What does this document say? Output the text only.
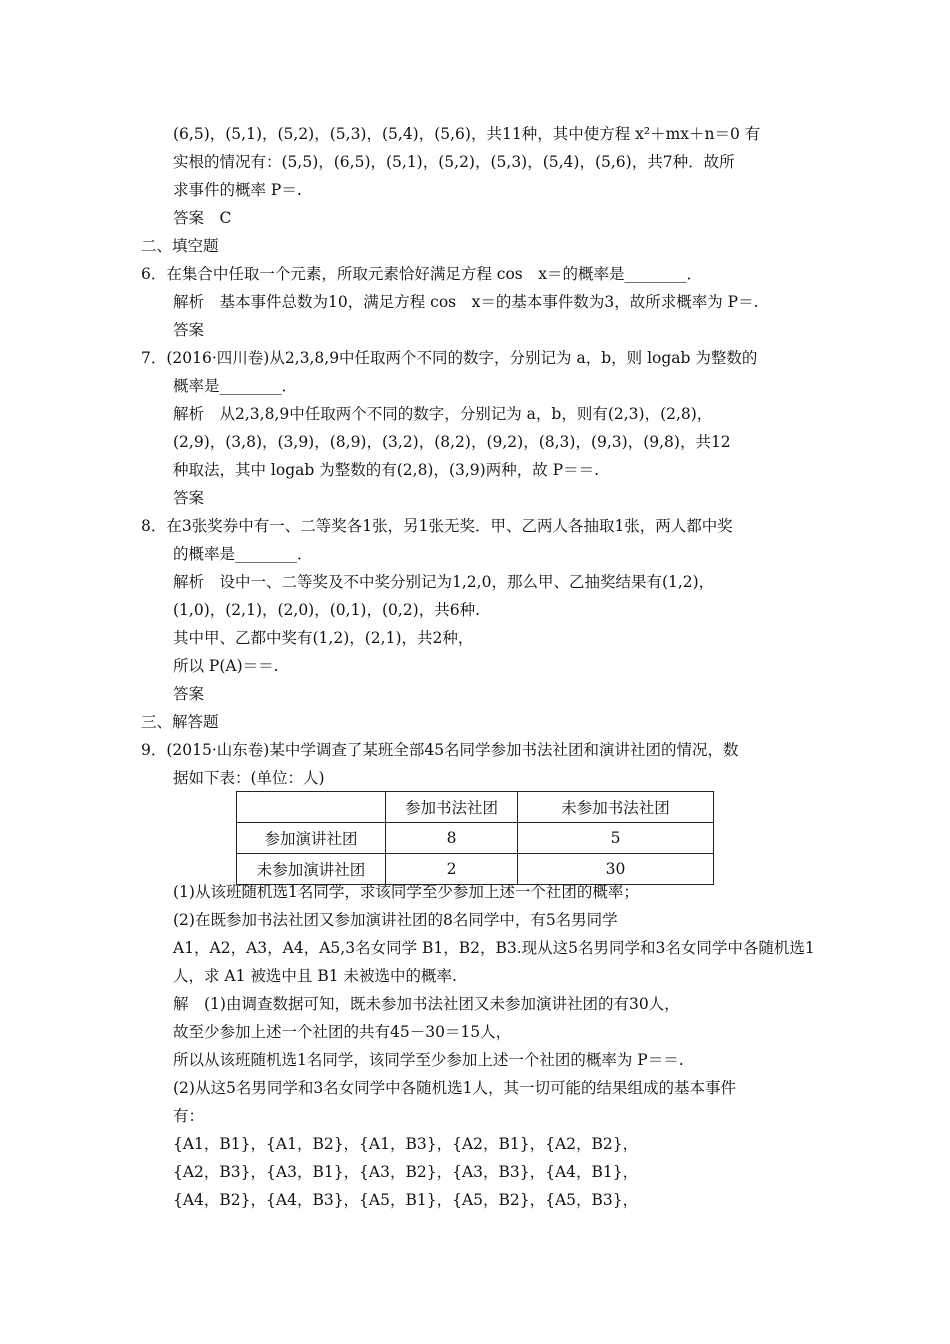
(6,5)，(5,1)，(5,2)，(5,3)，(5,4)，(5,6)，共11种，其中使方程 x²＋mx＋n＝0 有
实根的情况有：(5,5)，(6,5)，(5,1)，(5,2)，(5,3)，(5,4)，(5,6)，共7种．故所
求事件的概率 P＝.
答案　C
二、填空题
6．在集合中任取一个元素，所取元素恰好满足方程 cos　x＝的概率是________．
解析　基本事件总数为10，满足方程 cos　x＝的基本事件数为3，故所求概率为 P＝.
答案
7．(2016·四川卷)从2,3,8,9中任取两个不同的数字，分别记为 a，b，则 logab 为整数的
概率是________．
解析　从2,3,8,9中任取两个不同的数字，分别记为 a，b，则有(2,3)，(2,8)，
(2,9)，(3,8)，(3,9)，(8,9)，(3,2)，(8,2)，(9,2)，(8,3)，(9,3)，(9,8)，共12
种取法，其中 logab 为整数的有(2,8)，(3,9)两种，故 P＝＝.
答案
8．在3张奖券中有一、二等奖各1张，另1张无奖．甲、乙两人各抽取1张，两人都中奖
的概率是________．
解析　设中一、二等奖及不中奖分别记为1,2,0，那么甲、乙抽奖结果有(1,2)，
(1,0)，(2,1)，(2,0)，(0,1)，(0,2)，共6种.
其中甲、乙都中奖有(1,2)，(2,1)，共2种，
所以 P(A)＝＝.
答案
三、解答题
9．(2015·山东卷)某中学调查了某班全部45名同学参加书法社团和演讲社团的情况，数
据如下表：(单位：人)
	参加书法社团	未参加书法社团
参加演讲社团	8	5
未参加演讲社团	2	30
(1)从该班随机选1名同学，求该同学至少参加上述一个社团的概率；
(2)在既参加书法社团又参加演讲社团的8名同学中，有5名男同学
A1，A2，A3，A4，A5,3名女同学 B1，B2，B3.现从这5名男同学和3名女同学中各随机选1
人，求 A1 被选中且 B1 未被选中的概率.
解　(1)由调查数据可知，既未参加书法社团又未参加演讲社团的有30人，
故至少参加上述一个社团的共有45－30＝15人，
所以从该班随机选1名同学，该同学至少参加上述一个社团的概率为 P＝＝.
(2)从这5名男同学和3名女同学中各随机选1人，其一切可能的结果组成的基本事件
有：
{A1，B1}，{A1，B2}，{A1，B3}，{A2，B1}，{A2，B2}，
{A2，B3}，{A3，B1}，{A3，B2}，{A3，B3}，{A4，B1}，
{A4，B2}，{A4，B3}，{A5，B1}，{A5，B2}，{A5，B3}，
